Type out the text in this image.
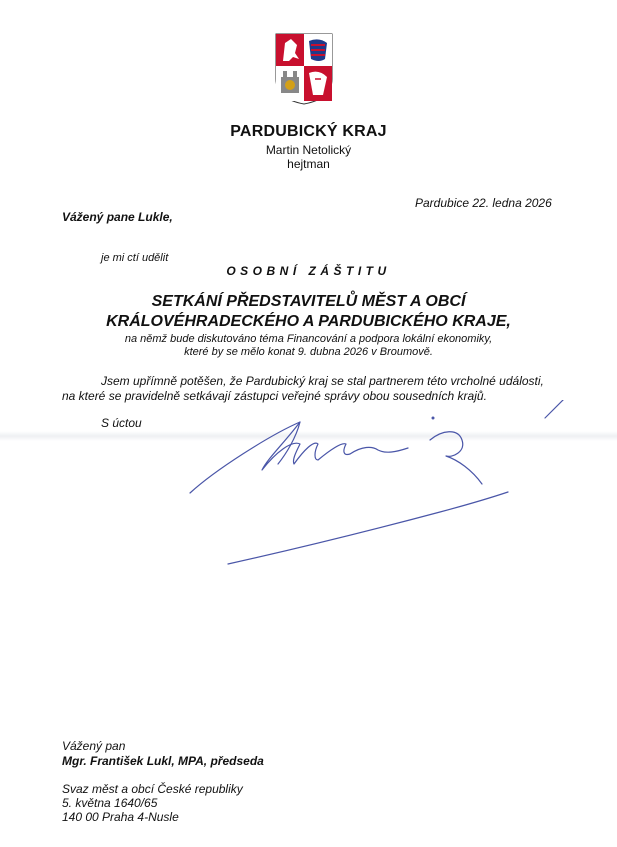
PARDUBICKÝ KRAJ
Martin Netolický
hejtman
Pardubice 22. ledna 2026
Vážený pane Lukle,
je mi ctí udělit
OSOBNÍ ZÁŠTITU
SETKÁNÍ PŘEDSTAVITELŮ MĚST A OBCÍ
KRÁLOVÉHRADECKÉHO A PARDUBICKÉHO KRAJE,
na němž bude diskutováno téma Financování a podpora lokální ekonomiky,
které by se mělo konat 9. dubna 2026 v Broumově.
Jsem upřímně potěšen, že Pardubický kraj se stal partnerem této vrcholné události,
na které se pravidelně setkávají zástupci veřejné správy obou sousedních krajů.
S úctou
Vážený pan
Mgr. František Lukl, MPA, předseda
Svaz měst a obcí České republiky
5. května 1640/65
140 00 Praha 4-Nusle
